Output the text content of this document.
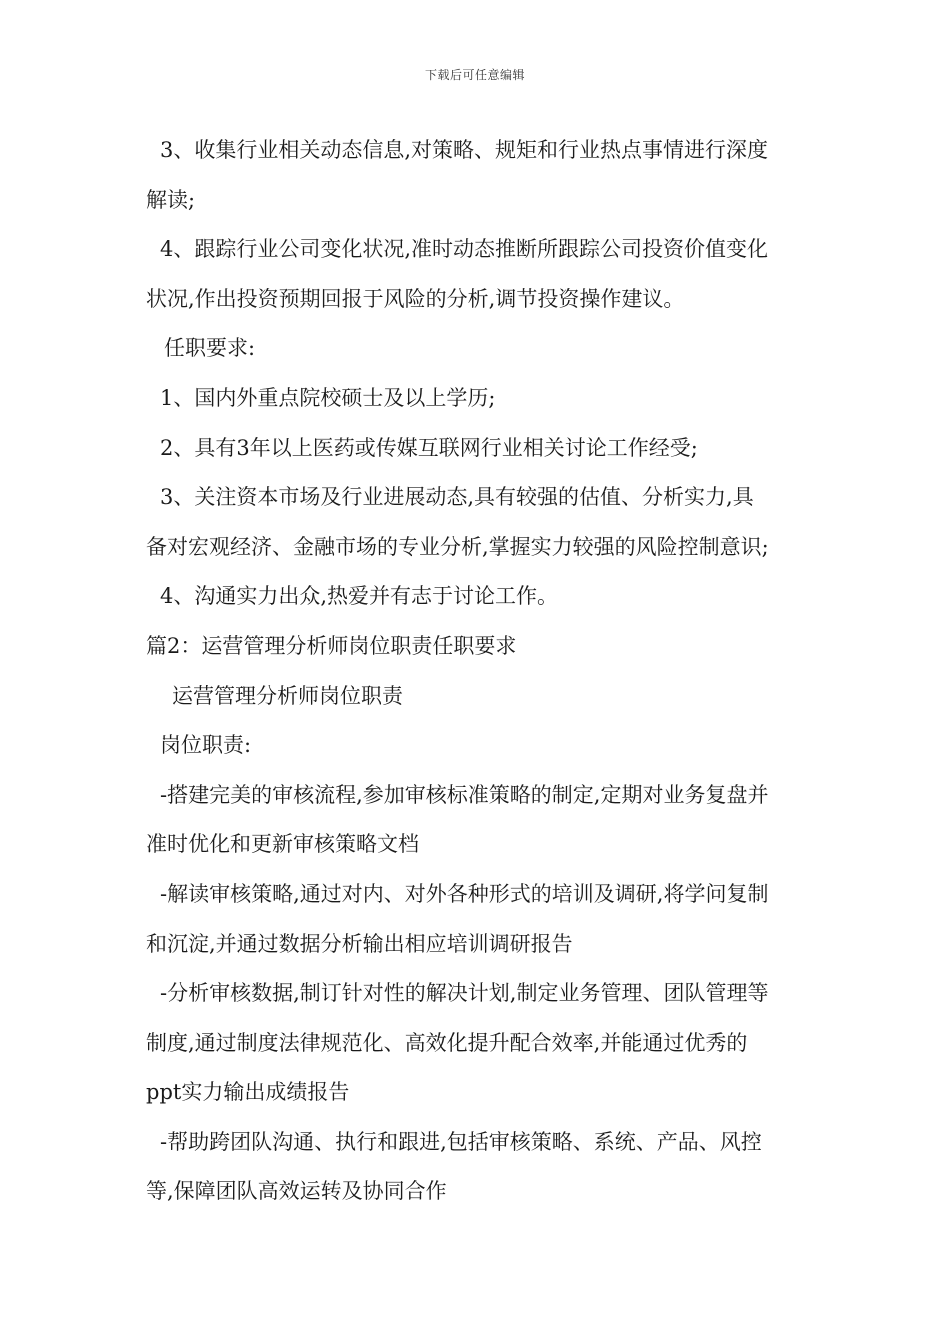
下载后可任意编辑
3、收集行业相关动态信息,对策略、规矩和行业热点事情进行深度
解读;
4、跟踪行业公司变化状况,准时动态推断所跟踪公司投资价值变化
状况,作出投资预期回报于风险的分析,调节投资操作建议。
任职要求:
1、国内外重点院校硕士及以上学历;
2、具有3年以上医药或传媒互联网行业相关讨论工作经受;
3、关注资本市场及行业进展动态,具有较强的估值、分析实力,具
备对宏观经济、金融市场的专业分析,掌握实力较强的风险控制意识;
4、沟通实力出众,热爱并有志于讨论工作。
篇2：运营管理分析师岗位职责任职要求
运营管理分析师岗位职责
岗位职责:
-搭建完美的审核流程,参加审核标准策略的制定,定期对业务复盘并
准时优化和更新审核策略文档
-解读审核策略,通过对内、对外各种形式的培训及调研,将学问复制
和沉淀,并通过数据分析输出相应培训调研报告
-分析审核数据,制订针对性的解决计划,制定业务管理、团队管理等
制度,通过制度法律规范化、高效化提升配合效率,并能通过优秀的
ppt实力输出成绩报告
-帮助跨团队沟通、执行和跟进,包括审核策略、系统、产品、风控
等,保障团队高效运转及协同合作
